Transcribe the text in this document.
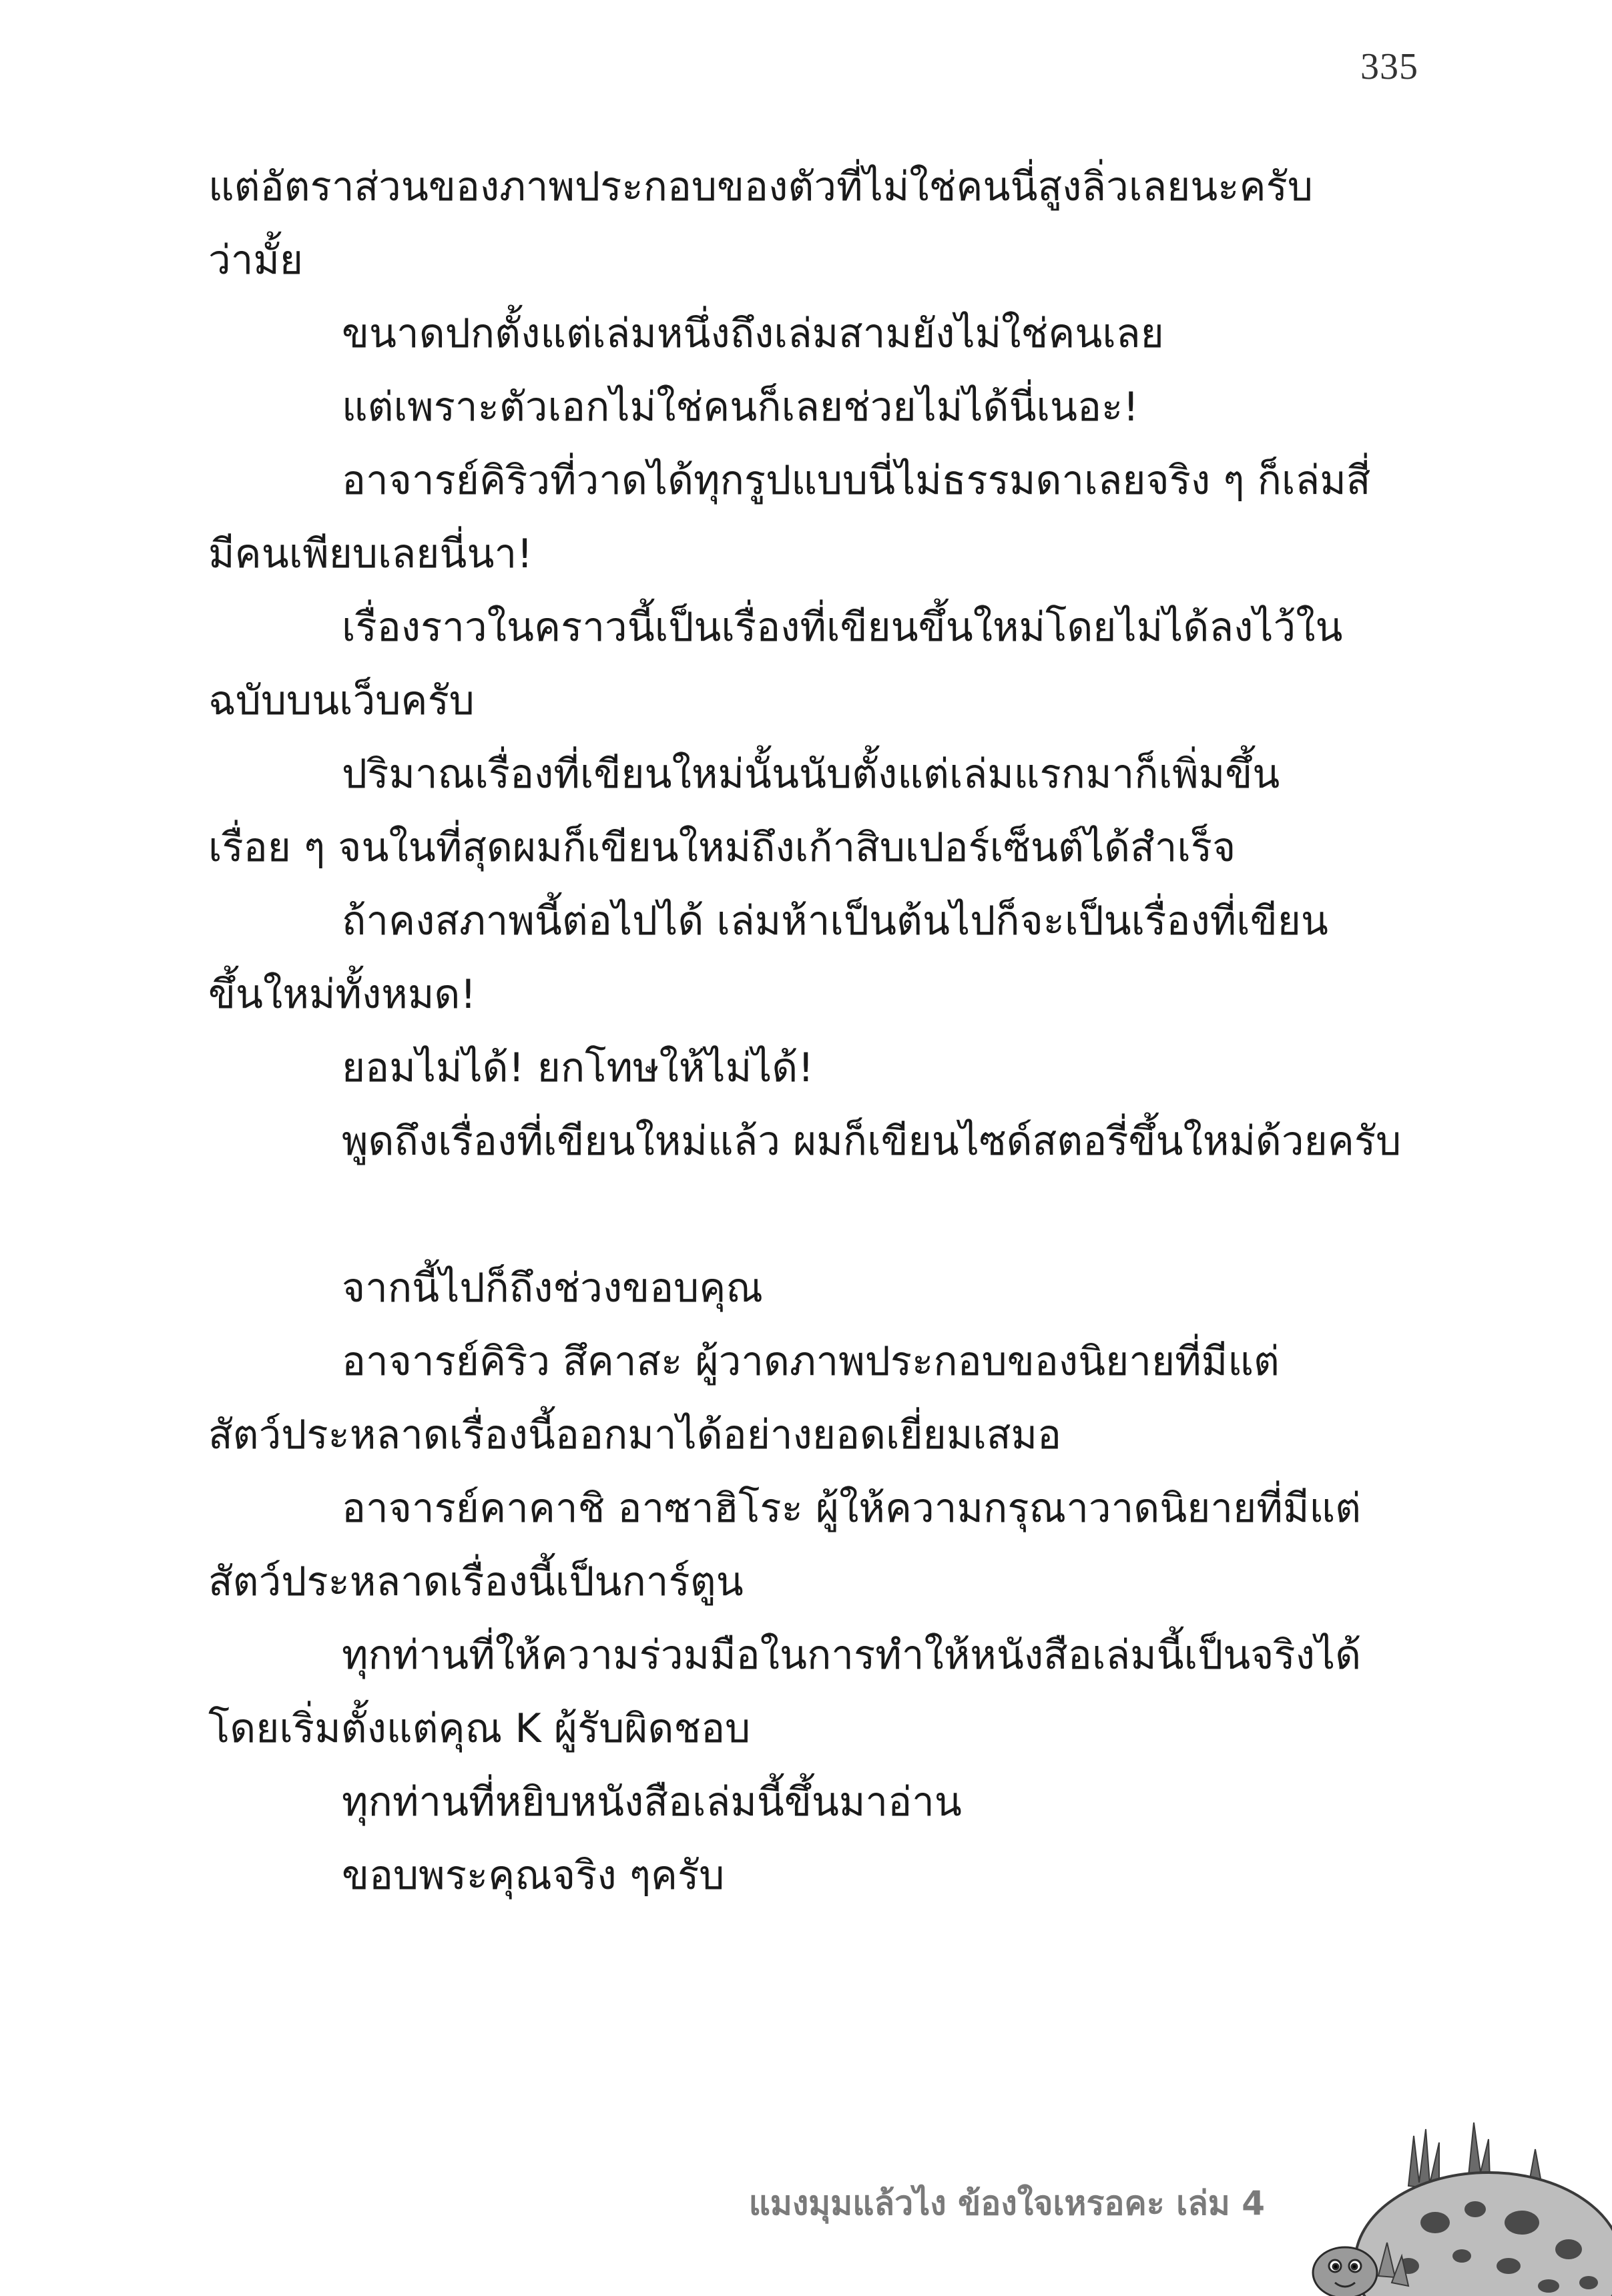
335
แต่อัตราส่วนของภาพประกอบของตัวที่ไม่ใช่คนนี่สูงลิ่วเลยนะครับ
ว่ามั้ย
ขนาดปกตั้งแต่เล่มหนึ่งถึงเล่มสามยังไม่ใช่คนเลย
แต่เพราะตัวเอกไม่ใช่คนก็เลยช่วยไม่ได้นี่เนอะ!
อาจารย์คิริวที่วาดได้ทุกรูปแบบนี่ไม่ธรรมดาเลยจริง ๆ ก็เล่มสี่
มีคนเพียบเลยนี่นา!
เรื่องราวในคราวนี้เป็นเรื่องที่เขียนขึ้นใหม่โดยไม่ได้ลงไว้ใน
ฉบับบนเว็บครับ
ปริมาณเรื่องที่เขียนใหม่นั้นนับตั้งแต่เล่มแรกมาก็เพิ่มขึ้น
เรื่อย ๆ จนในที่สุดผมก็เขียนใหม่ถึงเก้าสิบเปอร์เซ็นต์ได้สำเร็จ
ถ้าคงสภาพนี้ต่อไปได้ เล่มห้าเป็นต้นไปก็จะเป็นเรื่องที่เขียน
ขึ้นใหม่ทั้งหมด!
ยอมไม่ได้! ยกโทษให้ไม่ได้!
พูดถึงเรื่องที่เขียนใหม่แล้ว ผมก็เขียนไซด์สตอรี่ขึ้นใหม่ด้วยครับ
จากนี้ไปก็ถึงช่วงขอบคุณ
อาจารย์คิริว สึคาสะ ผู้วาดภาพประกอบของนิยายที่มีแต่
สัตว์ประหลาดเรื่องนี้ออกมาได้อย่างยอดเยี่ยมเสมอ
อาจารย์คาคาชิ อาซาฮิโระ ผู้ให้ความกรุณาวาดนิยายที่มีแต่
สัตว์ประหลาดเรื่องนี้เป็นการ์ตูน
ทุกท่านที่ให้ความร่วมมือในการทำให้หนังสือเล่มนี้เป็นจริงได้
โดยเริ่มตั้งแต่คุณ K ผู้รับผิดชอบ
ทุกท่านที่หยิบหนังสือเล่มนี้ขึ้นมาอ่าน
ขอบพระคุณจริง ๆครับ
แมงมุมแล้วไง ข้องใจเหรอคะ เล่ม 4
